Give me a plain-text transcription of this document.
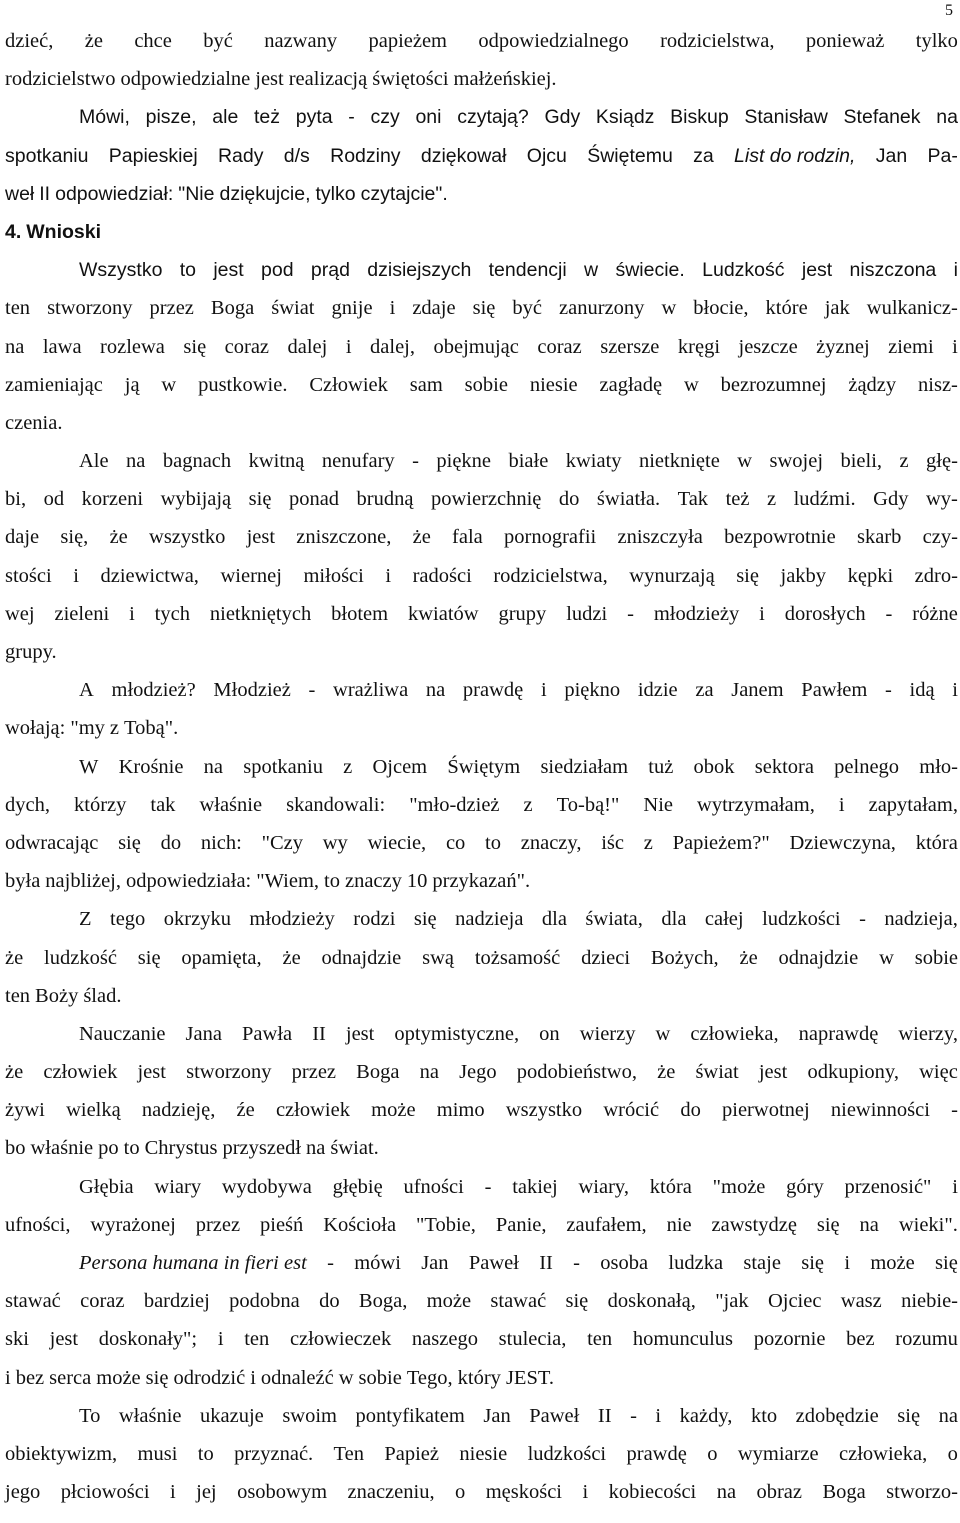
5
dzieć, że chce być nazwany papieżem odpowiedzialnego rodzicielstwa, ponieważ tylko
rodzicielstwo odpowiedzialne jest realizacją świętości małżeńskiej.
Mówi, pisze, ale też pyta - czy oni czytają? Gdy Ksiądz Biskup Stanisław Stefanek na
spotkaniu Papieskiej Rady d/s Rodziny dziękował Ojcu Świętemu za List do rodzin, Jan Pa-
weł II odpowiedział: "Nie dziękujcie, tylko czytajcie".
4. Wnioski
Wszystko to jest pod prąd dzisiejszych tendencji w świecie. Ludzkość jest niszczona i
ten stworzony przez Boga świat gnije i zdaje się być zanurzony w błocie, które jak wulkanicz-
na lawa rozlewa się coraz dalej i dalej, obejmując coraz szersze kręgi jeszcze żyznej ziemi i
zamieniając ją w pustkowie. Człowiek sam sobie niesie zagładę w bezrozumnej żądzy nisz-
czenia.
Ale na bagnach kwitną nenufary - piękne białe kwiaty nietknięte w swojej bieli, z głę-
bi, od korzeni wybijają się ponad brudną powierzchnię do światła. Tak też z ludźmi. Gdy wy-
daje się, że wszystko jest zniszczone, że fala pornografii zniszczyła bezpowrotnie skarb czy-
stości i dziewictwa, wiernej miłości i radości rodzicielstwa, wynurzają się jakby kępki zdro-
wej zieleni i tych nietkniętych błotem kwiatów grupy ludzi - młodzieży i dorosłych - różne
grupy.
A młodzież? Młodzież - wrażliwa na prawdę i piękno idzie za Janem Pawłem - idą i
wołają: "my z Tobą".
W Krośnie na spotkaniu z Ojcem Świętym siedziałam tuż obok sektora pelnego mło-
dych, którzy tak właśnie skandowali: "mło-dzież z To-bą!" Nie wytrzymałam, i zapytałam,
odwracając się do nich: "Czy wy wiecie, co to znaczy, iśc z Papieżem?" Dziewczyna, która
była najbliżej, odpowiedziała: "Wiem, to znaczy 10 przykazań".
Z tego okrzyku młodzieży rodzi się nadzieja dla świata, dla całej ludzkości - nadzieja,
że ludzkość się opamięta, że odnajdzie swą tożsamość dzieci Bożych, że odnajdzie w sobie
ten Boży ślad.
Nauczanie Jana Pawła II jest optymistyczne, on wierzy w człowieka, naprawdę wierzy,
że człowiek jest stworzony przez Boga na Jego podobieństwo, że świat jest odkupiony, więc
żywi wielką nadzieję, źe człowiek może mimo wszystko wrócić do pierwotnej niewinności -
bo właśnie po to Chrystus przyszedł na świat.
Głębia wiary wydobywa głębię ufności - takiej wiary, która "może góry przenosić" i
ufności, wyrażonej przez pieśń Kościoła "Tobie, Panie, zaufałem, nie zawstydzę się na wieki".
Persona humana in fieri est - mówi Jan Paweł II - osoba ludzka staje się i może się
stawać coraz bardziej podobna do Boga, może stawać się doskonałą, "jak Ojciec wasz niebie-
ski jest doskonały"; i ten człowieczek naszego stulecia, ten homunculus pozornie bez rozumu
i bez serca może się odrodzić i odnaleźć w sobie Tego, który JEST.
To właśnie ukazuje swoim pontyfikatem Jan Paweł II - i każdy, kto zdobędzie się na
obiektywizm, musi to przyznać. Ten Papież niesie ludzkości prawdę o wymiarze człowieka, o
jego płciowości i jej osobowym znaczeniu, o męskości i kobiecości na obraz Boga stworzo-
